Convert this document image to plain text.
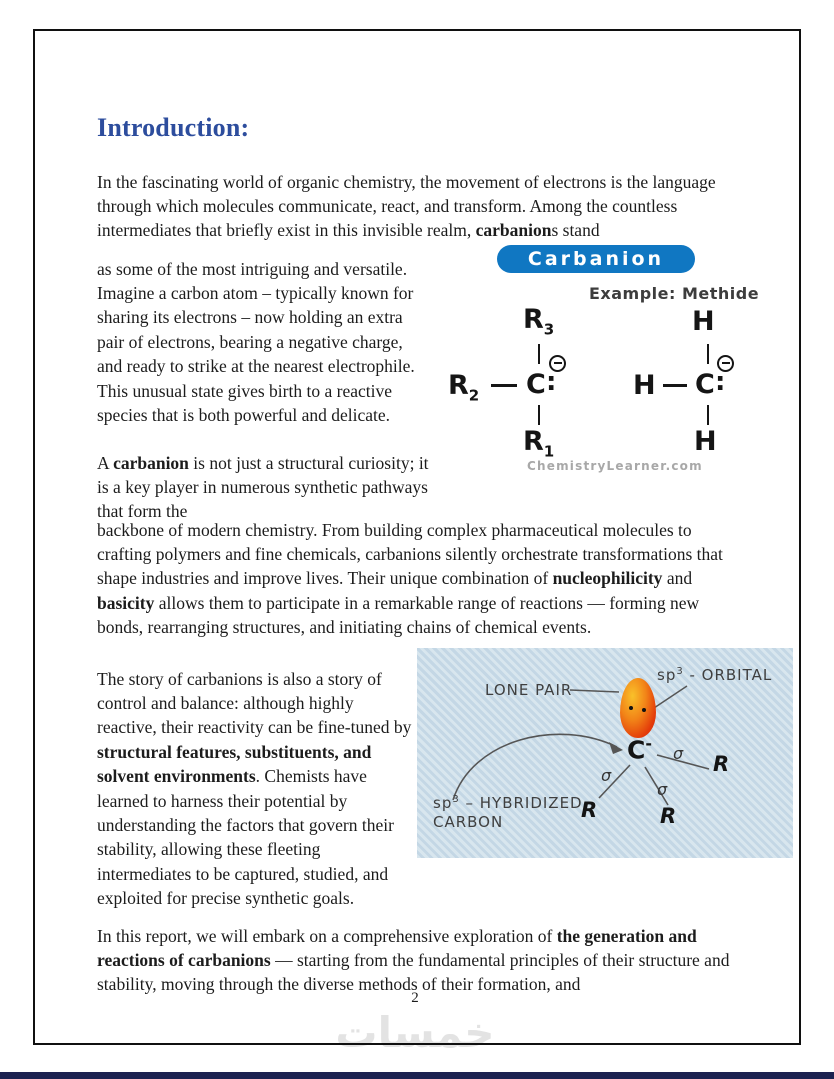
خمسات
Introduction:

In the fascinating world of organic chemistry, the movement of electrons is the language through which molecules communicate, react, and transform. Among the countless intermediates that briefly exist in this invisible realm, carbanions stand

as some of the most intriguing and versatile. Imagine a carbon atom – typically known for sharing its electrons – now holding an extra pair of electrons, bearing a negative charge, and ready to strike at the nearest electrophile. This unusual state gives birth to a reactive species that is both powerful and delicate.

A carbanion is not just a structural curiosity; it is a key player in numerous synthetic pathways that form the

backbone of modern chemistry. From building complex pharmaceutical molecules to crafting polymers and fine chemicals, carbanions silently orchestrate transformations that shape industries and improve lives. Their unique combination of nucleophilicity and basicity allows them to participate in a remarkable range of reactions — forming new bonds, rearranging structures, and initiating chains of chemical events.

The story of carbanions is also a story of control and balance: although highly reactive, their reactivity can be fine-tuned by structural features, substituents, and solvent environments. Chemists have learned to harness their potential by understanding the factors that govern their stability, allowing these fleeting intermediates to be captured, studied, and exploited for precise synthetic goals.

In this report, we will embark on a comprehensive exploration of the generation and reactions of carbanions — starting from the fundamental principles of their structure and stability, moving through the diverse methods of their formation, and

Carbanion
Example: Methide
$R_3$
$R_2$ C :
$R_1$
H
H C :
H
ChemistryLearner.com
LONE PAIR
$sp^3$ - ORBITAL
C-
σ
σ
σ
R
R	R
$sp^3$ – HYBRIDIZED
CARBON
2
